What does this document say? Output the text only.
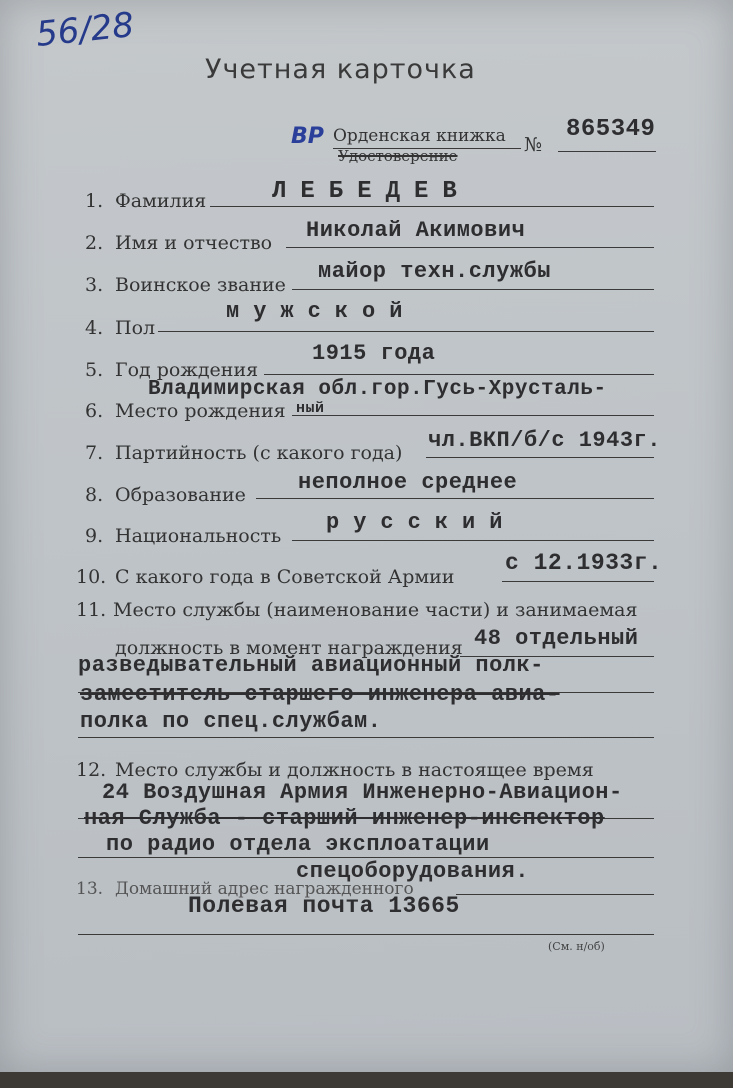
56/28
Учетная карточка
ВР Орденская книжка
Удостоверение	№
865349
1. Фамилия	ЛЕБЕДЕВ
2. Имя и отчество Николай Акимович
3. Воинское звание
майор техн.службы
4. Пол
мужской
5. Год рождения
1915 года
Владимирская обл.гор.Гусь-Хрусталь-
6. Место рождения ный
7. Партийность (с какого года) чл.ВКП/б/с 1943г.
8. Образование неполное среднее
9. Национальность
русский
10. С какого года в Советской Армии
с 12.1933г.
11. Место службы (наименование части) и занимаемая
должность в момент награждения 48 отдельный
разведывательный авиационный полк-
заместитель старшего инженера авиа-
полка по спец.службам.
12. Место службы и должность в настоящее время
24 Воздушная Армия Инженерно-Авиацион-
ная Служба - старший инженер-инспектор
по радио отдела эксплоатации
спецоборудования.
13. Домашний адрес награжденного
Полевая почта 13665
(См. н/об)
